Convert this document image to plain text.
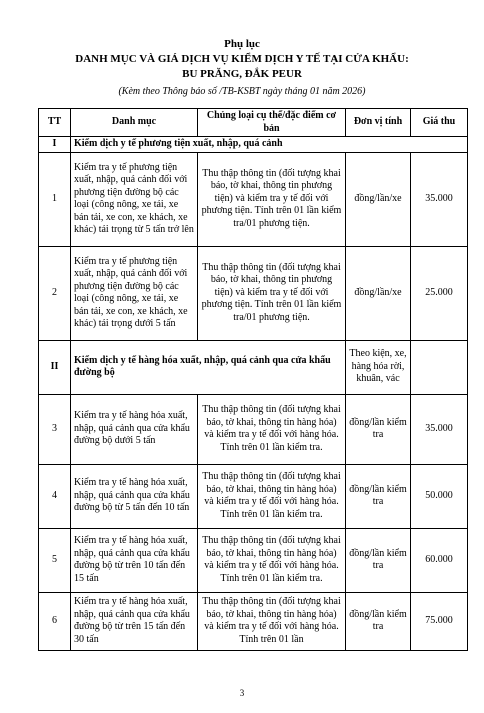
Phụ lục
DANH MỤC VÀ GIÁ DỊCH VỤ KIỂM DỊCH Y TẾ TẠI CỬA KHẨU:
BU PRĂNG, ĐẮK PEUR
(Kèm theo Thông báo số /TB-KSBT ngày tháng 01 năm 2026)
TT	Danh mục	Chủng loại cụ thể/đặc điểm cơ bản	Đơn vị tính	Giá thu
I	Kiểm dịch y tế phương tiện xuất, nhập, quá cảnh			
1	Kiểm tra y tế phương tiện xuất, nhập, quá cảnh đối với phương tiện đường bộ các loại (công nông, xe tải, xe bán tải, xe con, xe khách, xe khác) tải trọng từ 5 tấn trở lên	Thu thập thông tin (đối tượng khai báo, tờ khai, thông tin phương tiện) và kiểm tra y tế đối với phương tiện. Tính trên 01 lần kiểm tra/01 phương tiện.	đồng/lần/xe	35.000
2	Kiểm tra y tế phương tiện xuất, nhập, quá cảnh đối với phương tiện đường bộ các loại (công nông, xe tải, xe bán tải, xe con, xe khách, xe khác) tải trọng dưới 5 tấn	Thu thập thông tin (đối tượng khai báo, tờ khai, thông tin phương tiện) và kiểm tra y tế đối với phương tiện. Tính trên 01 lần kiểm tra/01 phương tiện.	đồng/lần/xe	25.000
II	Kiểm dịch y tế hàng hóa xuất, nhập, quá cảnh qua cửa khẩu đường bộ		Theo kiện, xe, hàng hóa rời, khuân, vác	
3	Kiểm tra y tế hàng hóa xuất, nhập, quá cảnh qua cửa khẩu đường bộ dưới 5 tấn	Thu thập thông tin (đối tượng khai báo, tờ khai, thông tin hàng hóa) và kiểm tra y tế đối với hàng hóa. Tính trên 01 lần kiểm tra.	đồng/lần kiểm tra	35.000
4	Kiểm tra y tế hàng hóa xuất, nhập, quá cảnh qua cửa khẩu đường bộ từ 5 tấn đến 10 tấn	Thu thập thông tin (đối tượng khai báo, tờ khai, thông tin hàng hóa) và kiểm tra y tế đối với hàng hóa. Tính trên 01 lần kiểm tra.	đồng/lần kiểm tra	50.000
5	Kiểm tra y tế hàng hóa xuất, nhập, quá cảnh qua cửa khẩu đường bộ từ trên 10 tấn đến 15 tấn	Thu thập thông tin (đối tượng khai báo, tờ khai, thông tin hàng hóa) và kiểm tra y tế đối với hàng hóa. Tính trên 01 lần kiểm tra.	đồng/lần kiểm tra	60.000
6	Kiểm tra y tế hàng hóa xuất, nhập, quá cảnh qua cửa khẩu đường bộ từ trên 15 tấn đến 30 tấn	Thu thập thông tin (đối tượng khai báo, tờ khai, thông tin hàng hóa) và kiểm tra y tế đối với hàng hóa. Tính trên 01 lần	đồng/lần kiểm tra	75.000
3
